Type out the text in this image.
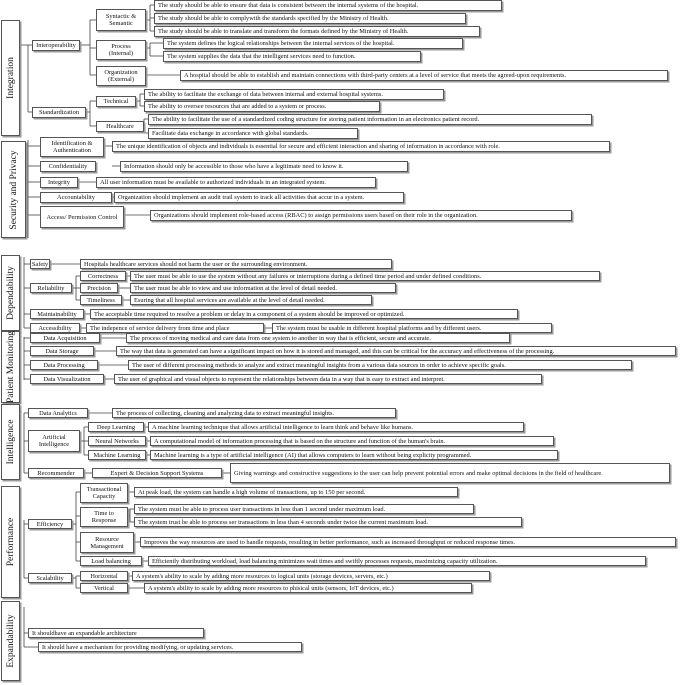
Integration
Security and Privacy
Dependability
Patient Monitoring
Intelligence
Performance
Expandability
Interoperability
Syntactic & Semantic
The study should be able to ensure that data is consistent between the internal systems of the hospital.
The study should be able to complywith the standards specified by the Ministry of Health.
The study should be able to translate and transform the formats defined by the Ministry of Health.
Process (Internal)
The system defines the logical relationships between the internal services of the hospital.
The system supplies the data that the intelligent services need to function.
Organization (External)
A hospital should be able to establish and maintain connections with third-party centers at a level of service that meets the agreed-upon requirements.
Standardization
Technical
The ability to facilitate the exchange of data between internal and external hospital systems.
The ability to oversee resources that are added to a system or process.
Healthcare
The ability to facilitate the use of a standardized coding structure for storing patient information in an electronics patient record.
Facilitate data exchange in accordance with global standards.
Identification & Authentication
The unique identification of objects and individuals is essential for secure and efficient interaction and sharing of information in accordance with role.
Confidentiality	Information should only be accessible to those who have a legitimate need to know it.
Integrity	All user information must be available to authorized individuals in an integrated system.
Accountability	Organization should implement an audit trail system to track all activities that accur in a system.
Access/ Permission Control	Organizations should implement role-based access (RBAC) to assign permissions users based on their role in the organization.
Safety	Hospitals healthcare services should not harm the user or the surrounding environment.
Reliability
Correctness	The user must be able to use the system without any failures or interruptions during a defined time period and under defined conditions.
Precision	The user must be able to view and use information at the level of detail needed.
Timeliness	Esuring that all hospital services are available at the level of detail needed.
Maintainability	The acceptable time required to resolve a problem or delay in a component of a system should be improved or optimized.
Accessibility	The indepence of service delivery from time and place	The system must be usable in different hospital platforms and by different users.
Data Acquisition	The process of moving medical and care data from one system to another in way that is efficient, secure and accurate.
Data Storage	The way that data is generated can have a significant impact on how it is stored and managed, and this can be critical for the accuracy and effectiveness of the processing.
Data Processing	The user of different processing methods to analyze and extract meaningful insights from a various data sources in order to achieve specific goals.
Data Visualization	The user of graphical and visual objects to represent the relationships between data in a way that is easy to extract and interpret.
Data Analytics	The process of collecting, cleaning and analyzing data to extract meaningful insights.
Artificial Intelligence
Deep Learning	A machine learning technique that allows artificial intelligence to learn think and behave like humans.
Neural Networks	A computational model of information processing that is based on the structure and function of the human's brain.
Machine Learning	Machine learning is a type of artificial intelligence (AI) that allows computers to learn without being explicity programmed.
Recommender	Expert & Decision Support Systems	Giving warnings and constructive suggestions to the user can help prevent potential errors and make optimal decisions in the field of healthcare.
Efficiency
Transactional Capacity
At peak load, the system can handle a high volume of transactions, up to 150 per second.
Time to Response
The system must be able to process user transactions in less than 1 second under maximum load.
The system trust be able to process ser transactions in less than 4 seconds under twice the current maximum load.
Resource Management
Improves the way resources are used to handle requests, resulting in better performance, such as increased throughput or reduced response times.
Load balancing	Efficiently distributing workload, load balancing minimizes wait times and swiftly processes requests, maximizing capacity utilization.
Scalability	Horizontal	A system's ability to scale by adding more resources to logical units (storage devices, servers, etc.)
Vertical	A system's ability to scale by adding more resources to phisical units (sensors, IoT devices, etc.)
It shouldhave an expandable architecture
It should have a mechanism for providing modifying, or updating services.
